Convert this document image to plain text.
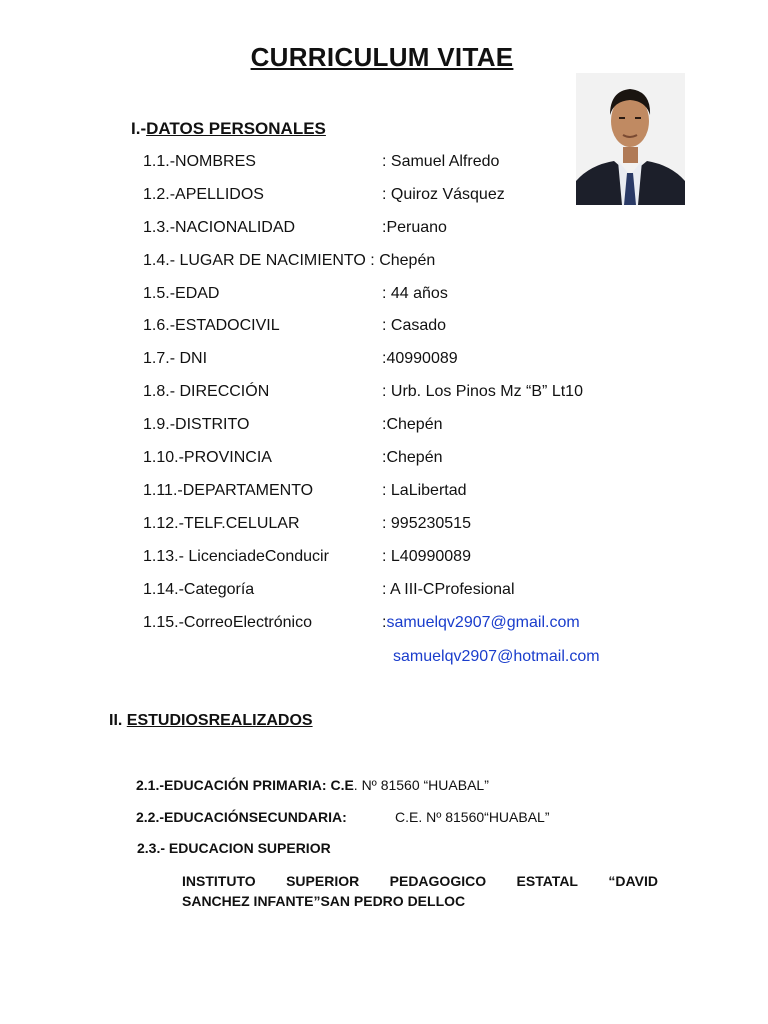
CURRICULUM VITAE
I.-DATOS PERSONALES
1.1.-NOMBRES	: Samuel Alfredo
1.2.-APELLIDOS	: Quiroz Vásquez
1.3.-NACIONALIDAD	:Peruano
1.4.- LUGAR DE NACIMIENTO : Chepén
1.5.-EDAD	: 44 años
1.6.-ESTADOCIVIL	: Casado
1.7.- DNI	:40990089
1.8.- DIRECCIÓN	: Urb. Los Pinos Mz “B” Lt10
1.9.-DISTRITO	:Chepén
1.10.-PROVINCIA	:Chepén
1.11.-DEPARTAMENTO	: LaLibertad
1.12.-TELF.CELULAR	: 995230515
1.13.- LicenciadeConducir	: L40990089
1.14.-Categoría	: A III-CProfesional
1.15.-CorreoElectrónico	:samuelqv2907@gmail.com
samuelqv2907@hotmail.com
II. ESTUDIOSREALIZADOS
2.1.-EDUCACIÓN PRIMARIA: C.E. Nº 81560 “HUABAL”
2.2.-EDUCACIÓNSECUNDARIA:	C.E. Nº 81560“HUABAL”
2.3.- EDUCACION SUPERIOR
INSTITUTO SUPERIOR PEDAGOGICO ESTATAL “DAVID
SANCHEZ INFANTE”SAN PEDRO DELLOC
